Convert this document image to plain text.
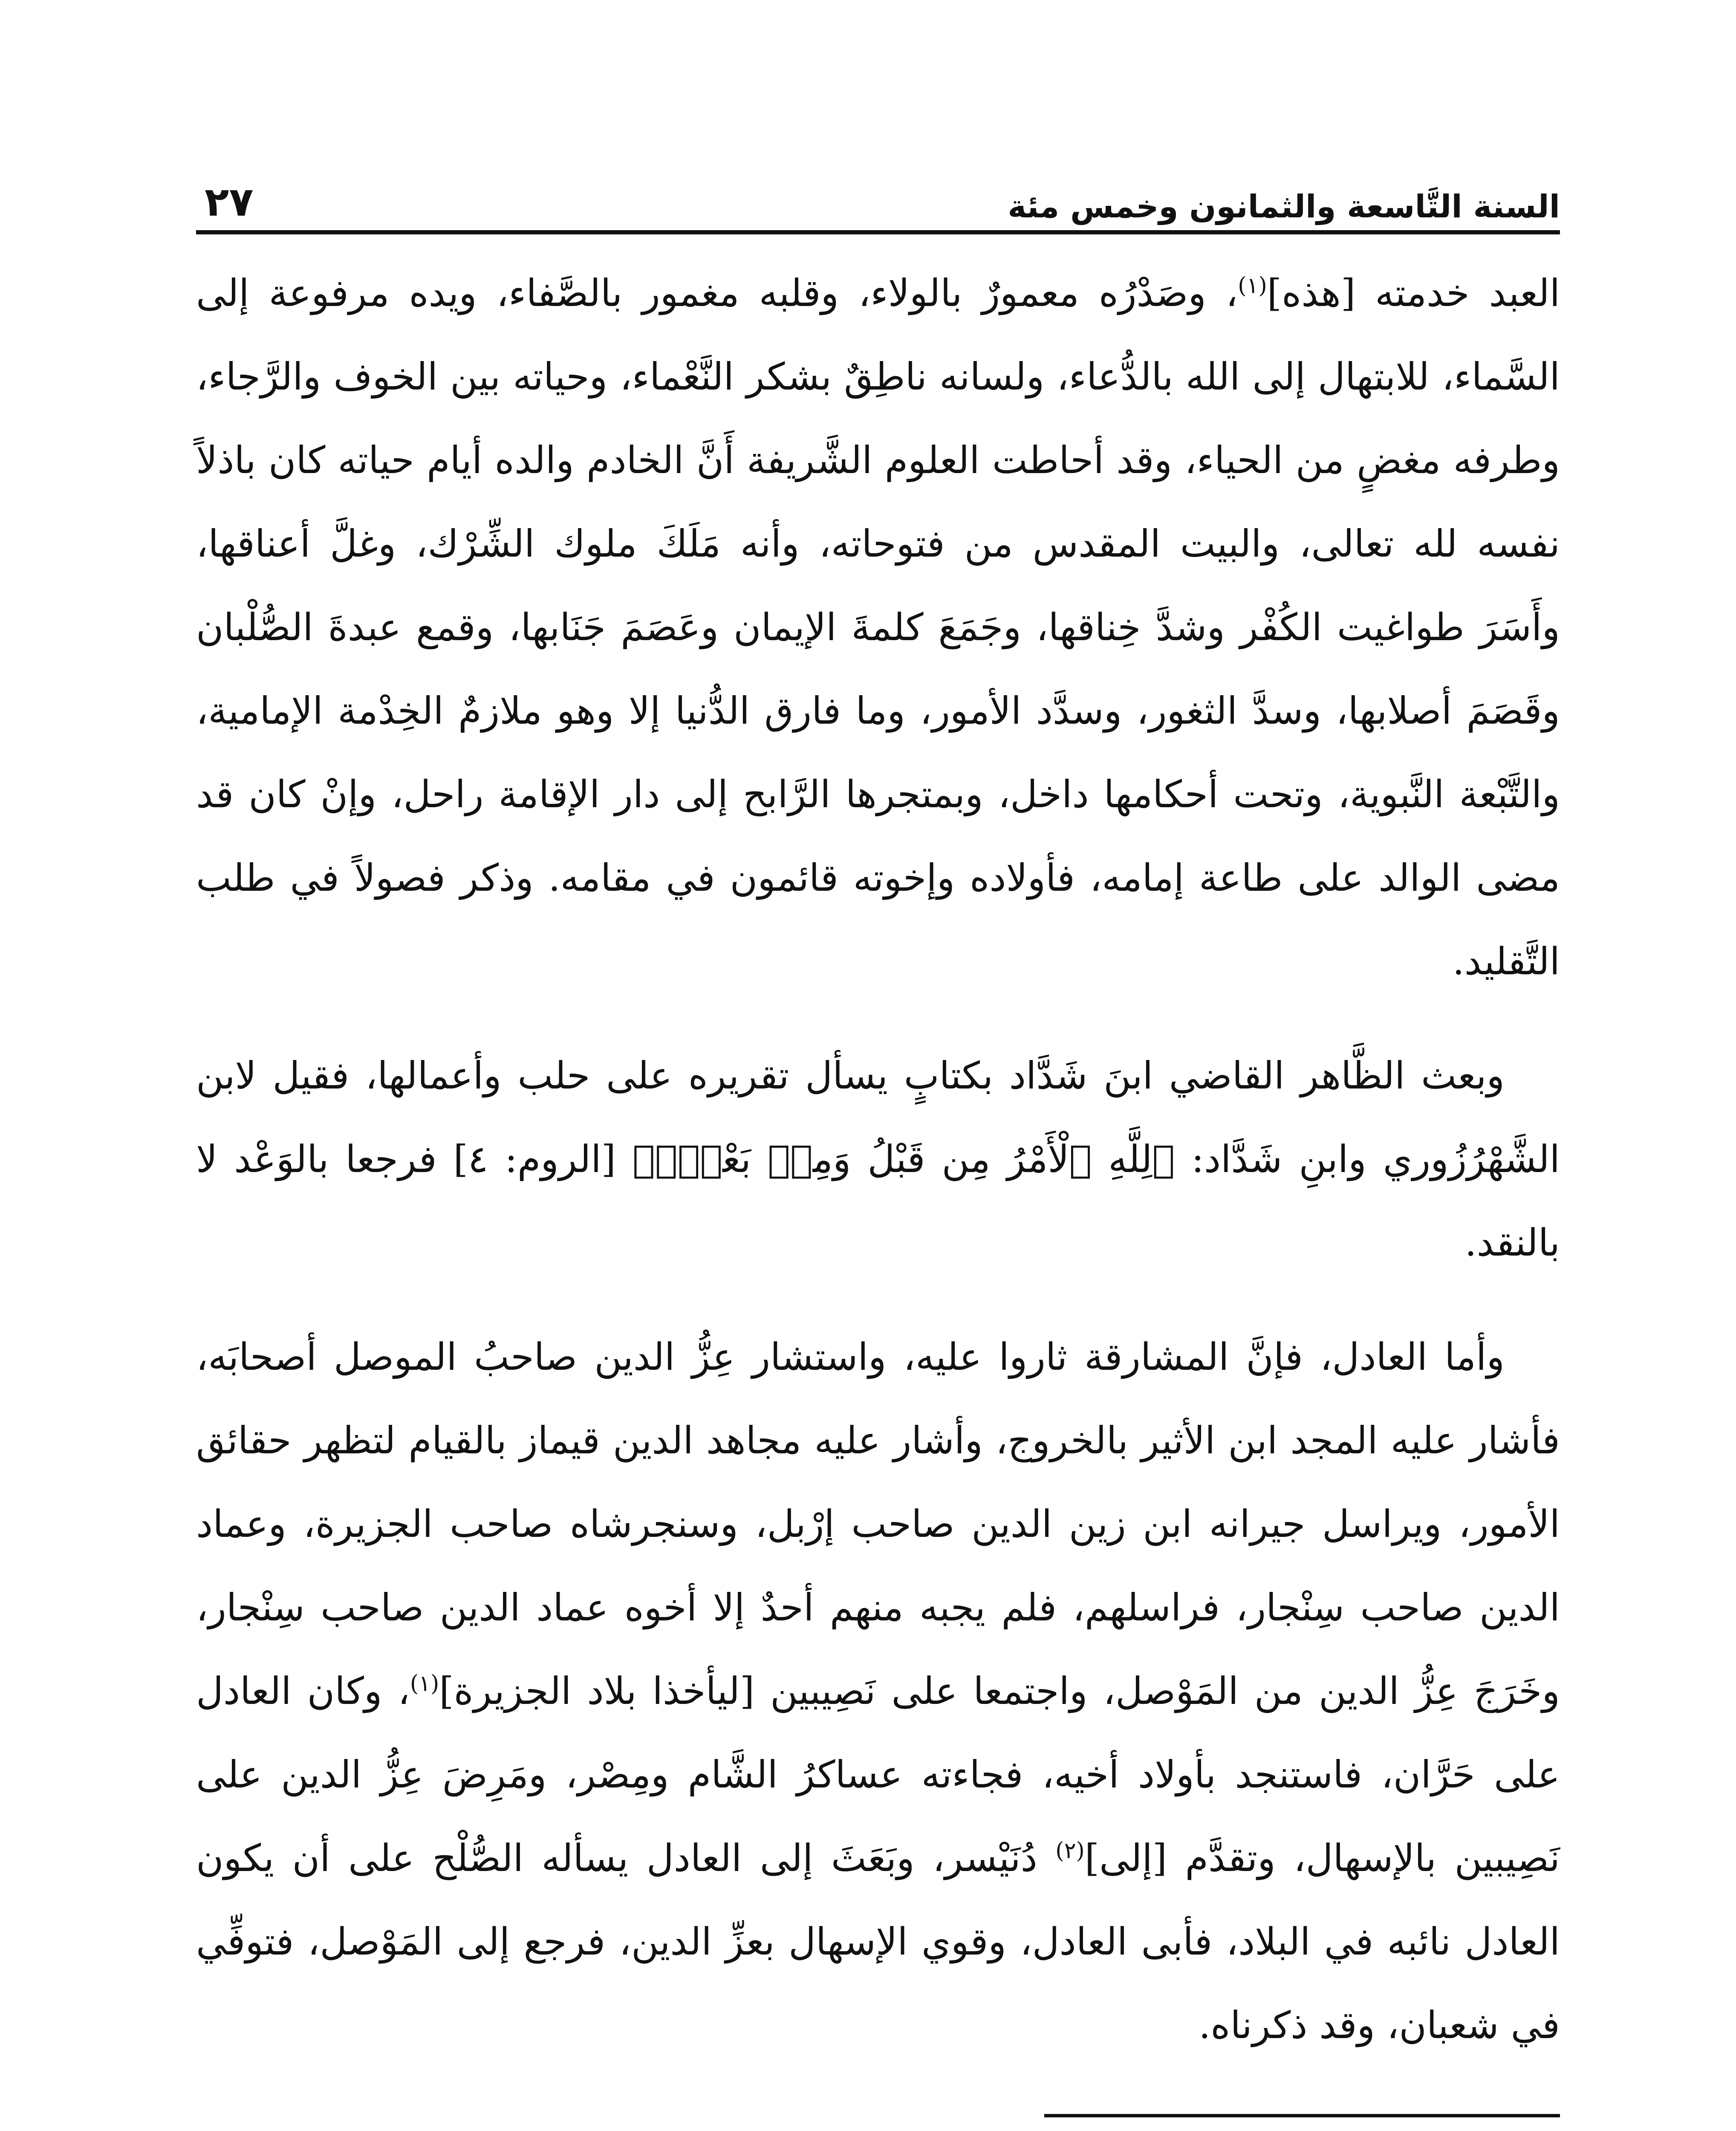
السنة التَّاسعة والثمانون وخمس مئة
٢٧

العبد خدمته [هذه]$^{(١)}$، وصَدْرُه معمورٌ بالولاء، وقلبه مغمور بالصَّفاء، ويده مرفوعة إلى السَّماء، للابتهال إلى الله بالدُّعاء، ولسانه ناطِقٌ بشكر النَّعْماء، وحياته بين الخوف والرَّجاء، وطرفه مغضٍ من الحياء، وقد أحاطت العلوم الشَّريفة أَنَّ الخادم والده أيام حياته كان باذلاً نفسه لله تعالى، والبيت المقدس من فتوحاته، وأنه مَلَكَ ملوك الشِّرْك، وغلَّ أعناقها، وأَسَرَ طواغيت الكُفْر وشدَّ خِناقها، وجَمَعَ كلمةَ الإيمان وعَصَمَ جَنَابها، وقمع عبدةَ الصُّلْبان وقَصَمَ أصلابها، وسدَّ الثغور، وسدَّد الأمور، وما فارق الدُّنيا إلا وهو ملازمٌ الخِدْمة الإمامية، والتَّبْعة النَّبوية، وتحت أحكامها داخل، وبمتجرها الرَّابح إلى دار الإقامة راحل، وإنْ كان قد مضى الوالد على طاعة إمامه، فأولاده وإخوته قائمون في مقامه. وذكر فصولاً في طلب التَّقليد.

وبعث الظَّاهر القاضي ابنَ شَدَّاد بكتابٍ يسأل تقريره على حلب وأعمالها، فقيل لابن الشَّهْرُزُوري وابنِ شَدَّاد: ﴿لِلَّهِ ٱلْأَمْرُ مِن قَبْلُ وَمِنۢ بَعْدُۚ﴾ [الروم: ٤] فرجعا بالوَعْد لا بالنقد.

وأما العادل، فإنَّ المشارقة ثاروا عليه، واستشار عِزُّ الدين صاحبُ الموصل أصحابَه، فأشار عليه المجد ابن الأثير بالخروج، وأشار عليه مجاهد الدين قيماز بالقيام لتظهر حقائق الأمور، ويراسل جيرانه ابن زين الدين صاحب إرْبل، وسنجرشاه صاحب الجزيرة، وعماد الدين صاحب سِنْجار، فراسلهم، فلم يجبه منهم أحدٌ إلا أخوه عماد الدين صاحب سِنْجار، وخَرَجَ عِزُّ الدين من المَوْصل، واجتمعا على نَصِيبين [ليأخذا بلاد الجزيرة]$^{(١)}$، وكان العادل على حَرَّان، فاستنجد بأولاد أخيه، فجاءته عساكرُ الشَّام ومِصْر، ومَرِضَ عِزُّ الدين على نَصِيبين بالإسهال، وتقدَّم [إلى]$^{(٢)}$ دُنَيْسر، وبَعَثَ إلى العادل يسأله الصُّلْح على أن يكون العادل نائبه في البلاد، فأبى العادل، وقوي الإسهال بعزِّ الدين، فرجع إلى المَوْصل، فتوفِّي في شعبان، وقد ذكرناه.
